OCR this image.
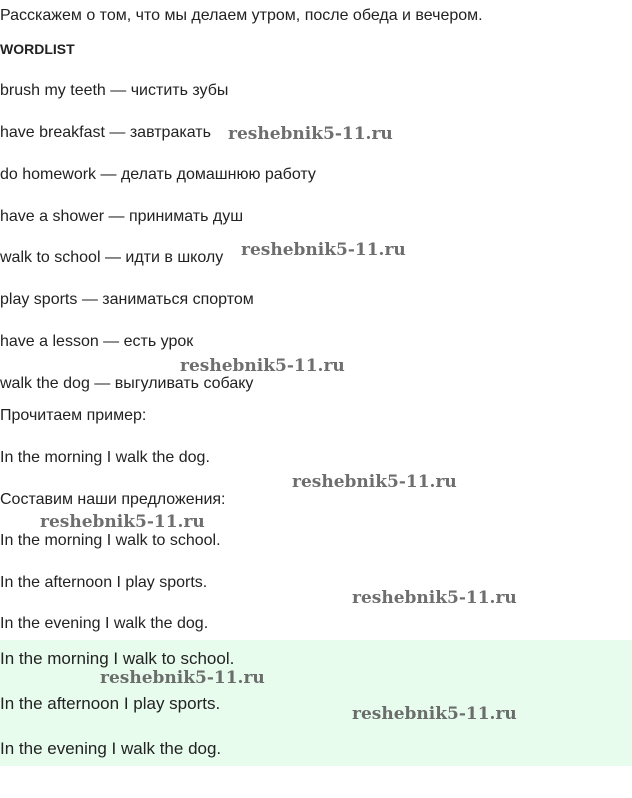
Расскажем о том, что мы делаем утром, после обеда и вечером.
WORDLIST
brush my teeth — чистить зубы
have breakfast — завтракать
do homework — делать домашнюю работу
have a shower — принимать душ
walk to school — идти в школу
play sports — заниматься спортом
have a lesson — есть урок
walk the dog — выгуливать собаку
Прочитаем пример:
In the morning I walk the dog.
Составим наши предложения:
In the morning I walk to school.
In the afternoon I play sports.
In the evening I walk the dog.
In the morning I walk to school.
In the afternoon I play sports.
In the evening I walk the dog.
reshebnik5-11.ru
reshebnik5-11.ru
reshebnik5-11.ru
reshebnik5-11.ru
reshebnik5-11.ru
reshebnik5-11.ru
reshebnik5-11.ru
reshebnik5-11.ru
